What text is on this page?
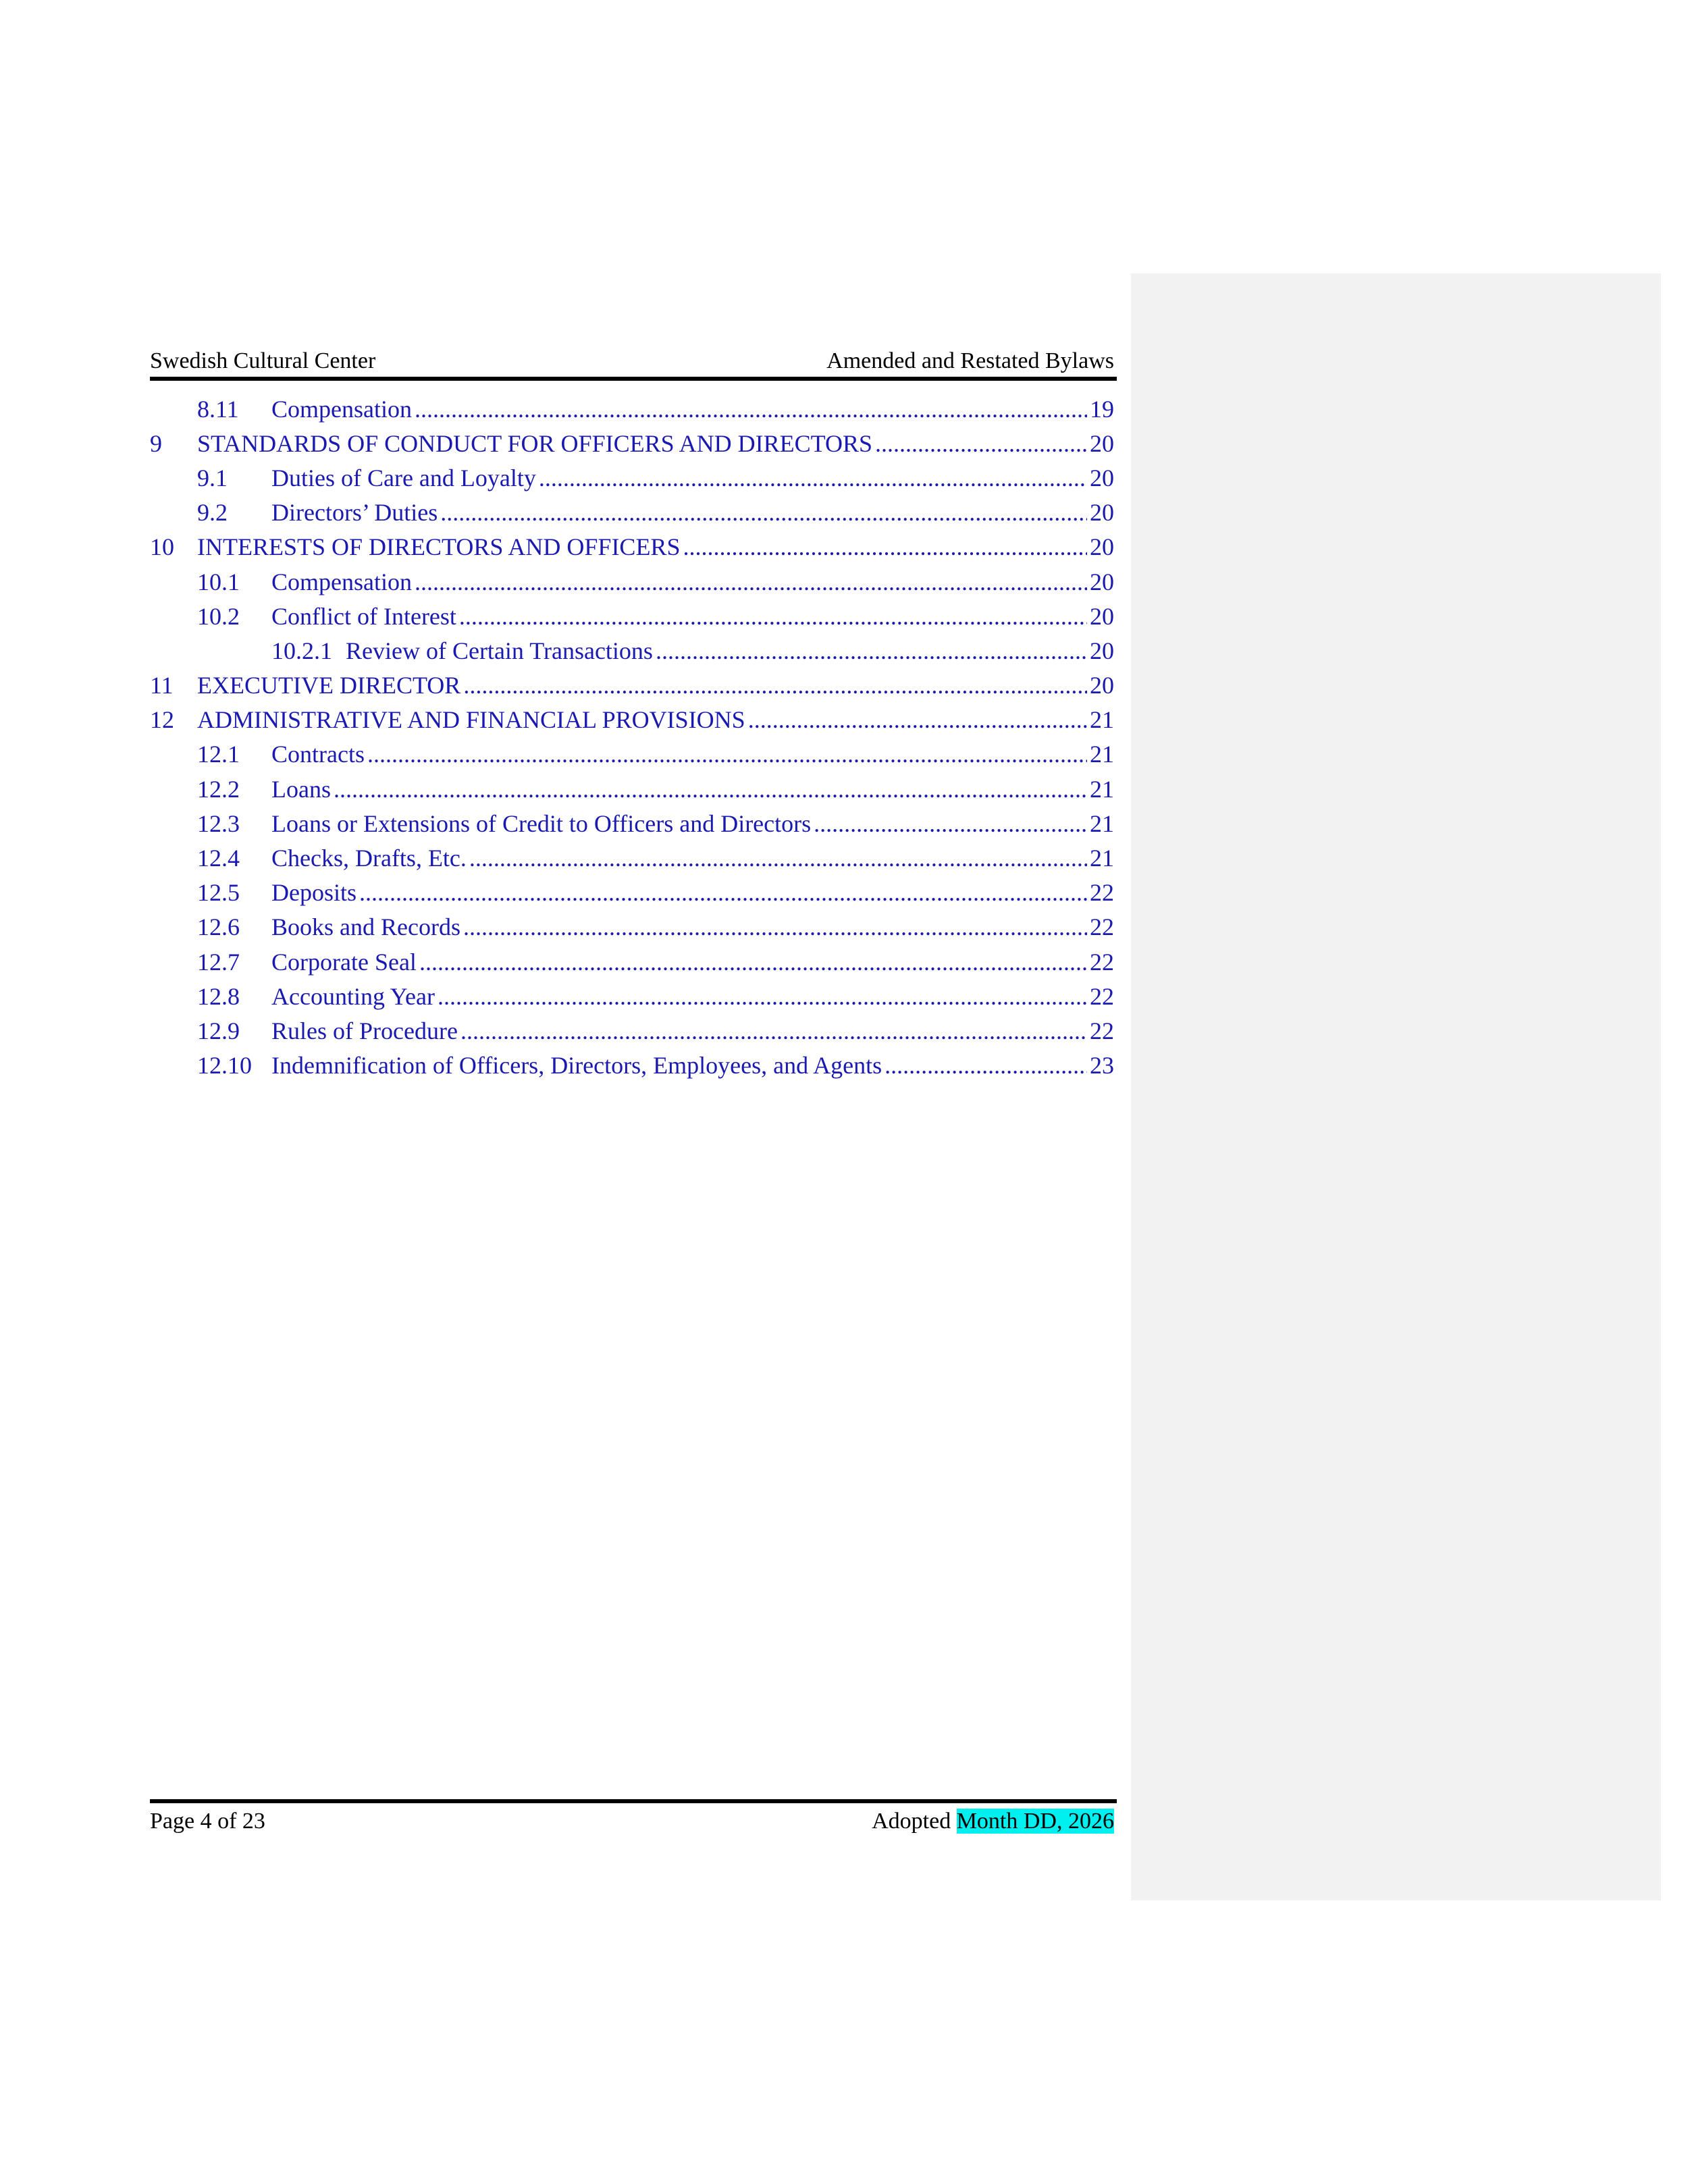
Swedish Cultural Center	Amended and Restated Bylaws
8.11	Compensation .....	19
9	STANDARDS OF CONDUCT FOR OFFICERS AND DIRECTORS .....	20
9.1	Duties of Care and Loyalty .....	20
9.2	Directors’ Duties .....	20
10 INTERESTS OF DIRECTORS AND OFFICERS .....	20
10.1	Compensation .....	20
10.2	Conflict of Interest .....	20
10.2.1 Review of Certain Transactions .....	20
11 EXECUTIVE DIRECTOR .....	20
12 ADMINISTRATIVE AND FINANCIAL PROVISIONS .....	21
12.1	Contracts .....	21
12.2	Loans .....	21
12.3	Loans or Extensions of Credit to Officers and Directors .....	21
12.4	Checks, Drafts, Etc. .....	21
12.5	Deposits .....	22
12.6	Books and Records .....	22
12.7	Corporate Seal .....	22
12.8	Accounting Year .....	22
12.9	Rules of Procedure .....	22
12.10 Indemnification of Officers, Directors, Employees, and Agents .....	23
Page 4 of 23	Adopted Month DD, 2026
